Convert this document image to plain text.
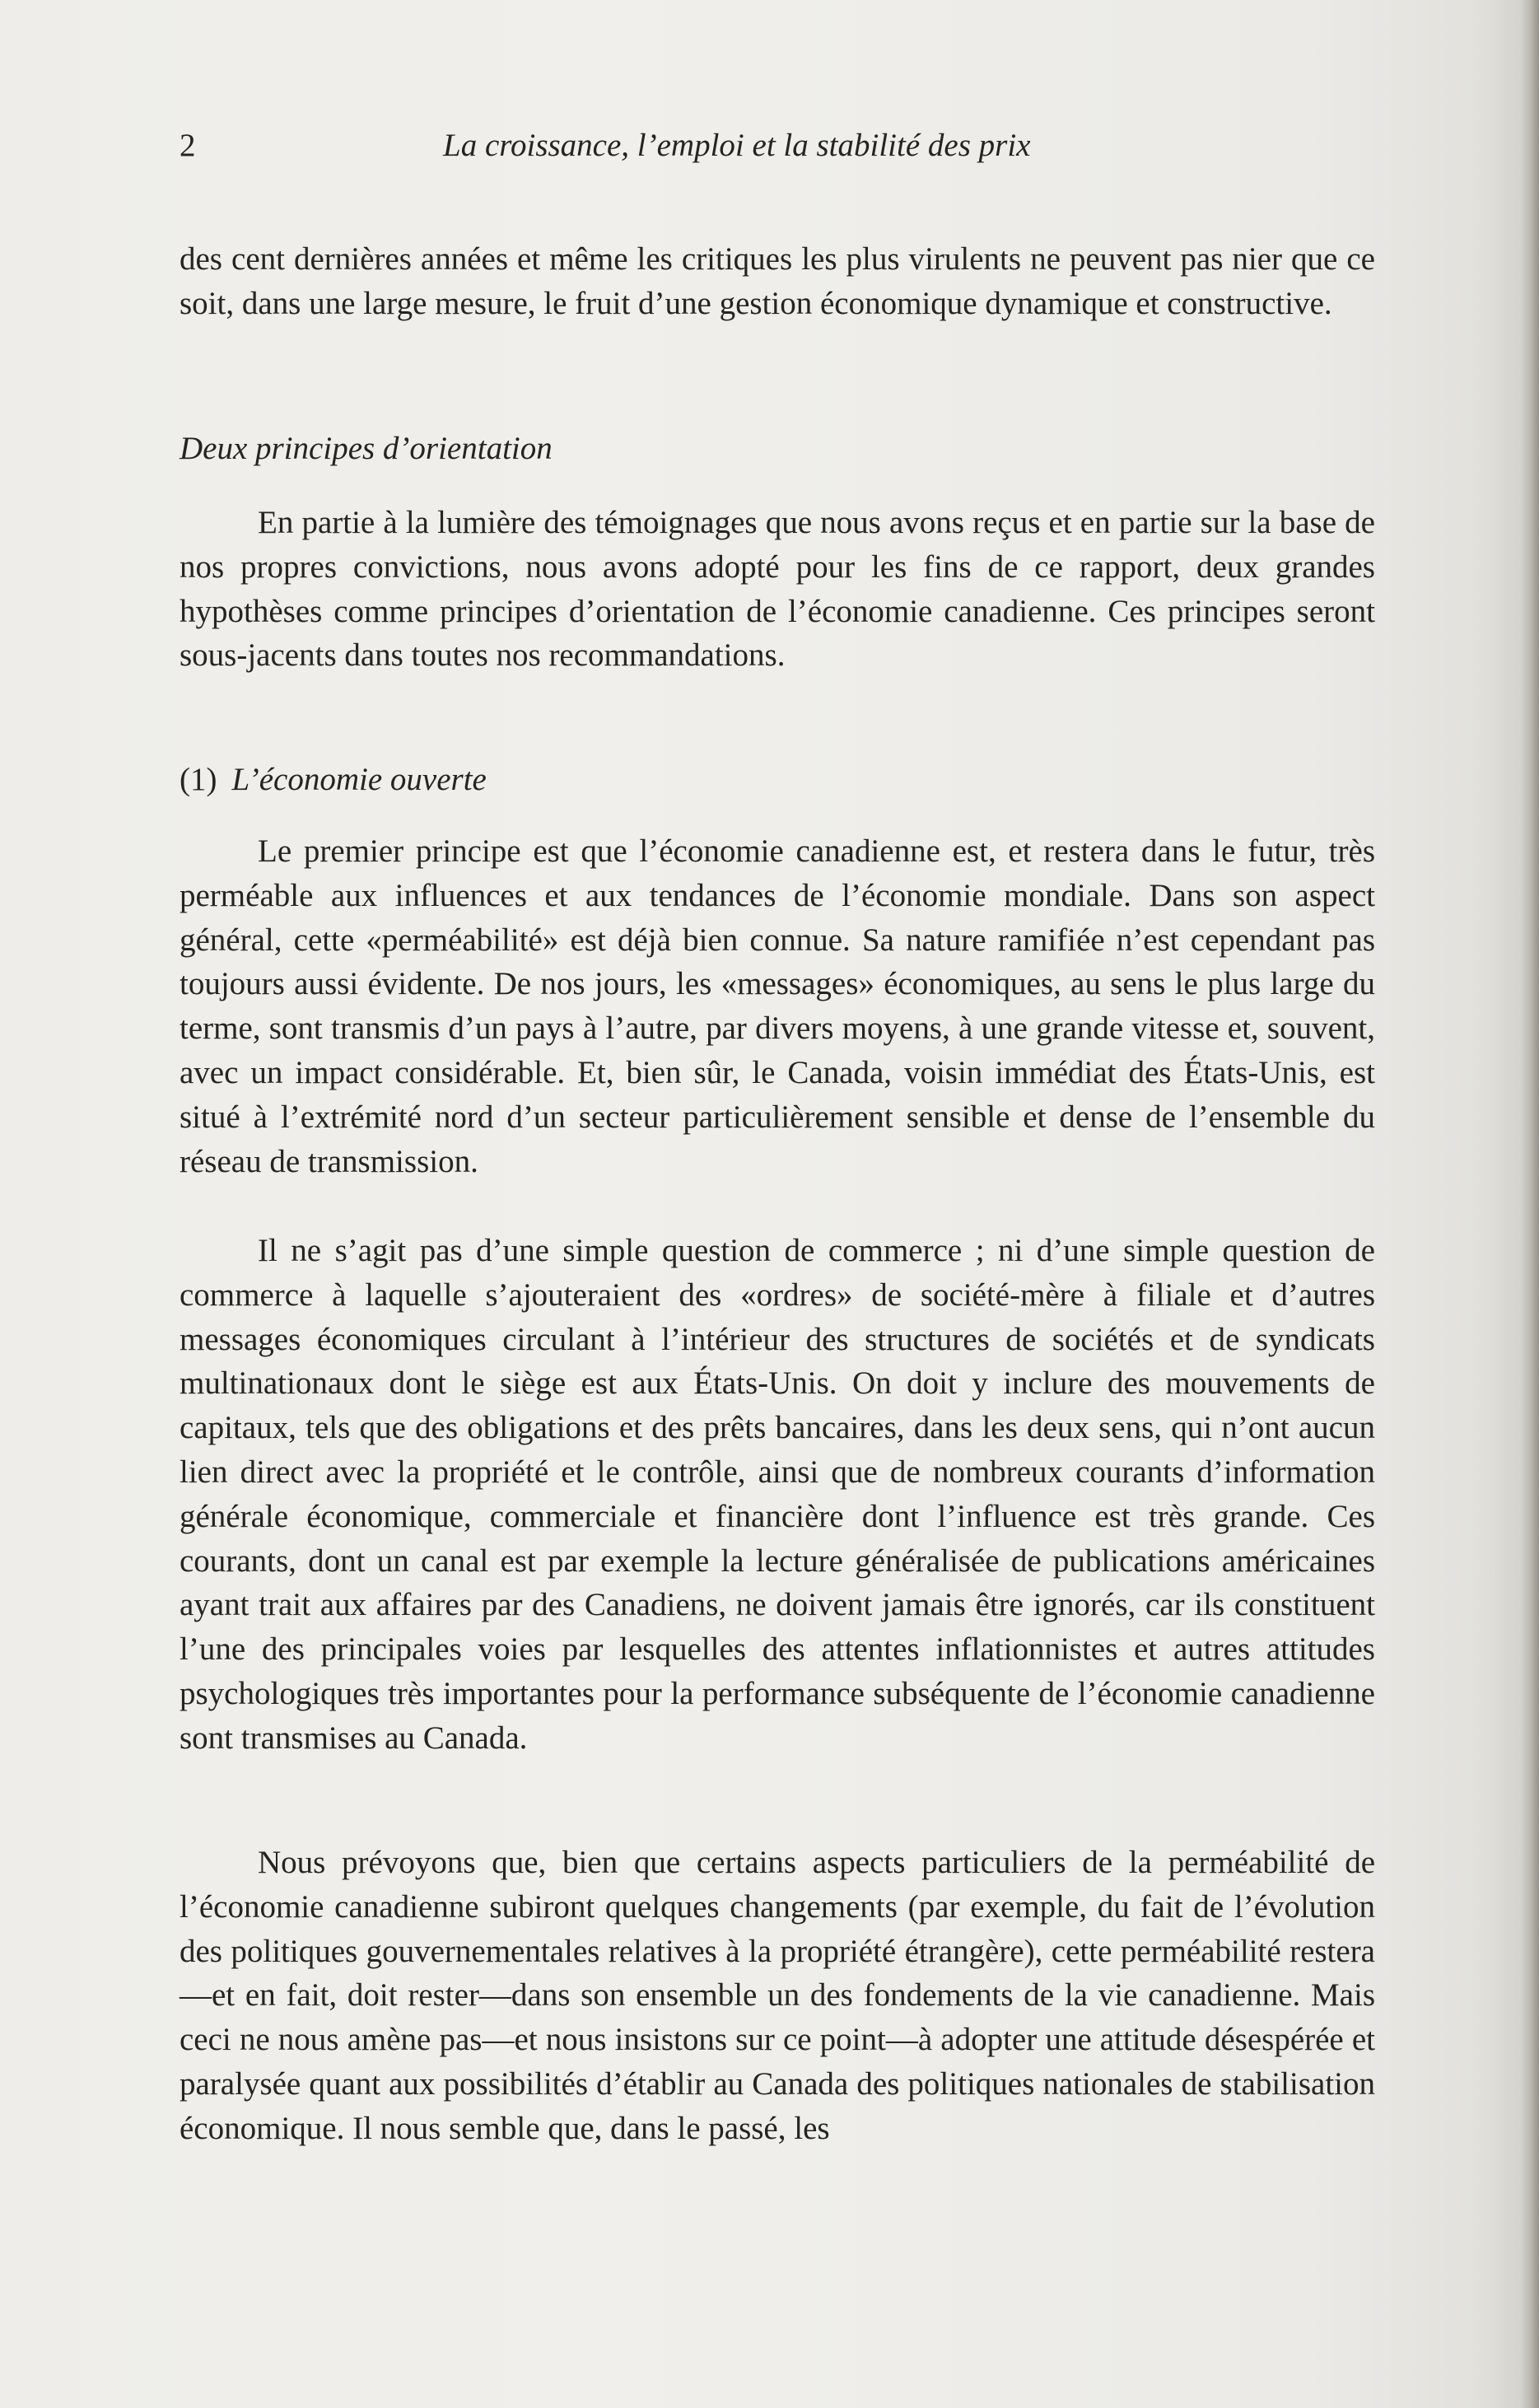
2	La croissance, l’emploi et la stabilité des prix

des cent dernières années et même les critiques les plus virulents ne peuvent pas nier que ce soit, dans une large mesure, le fruit d’une gestion économique dynamique et constructive.

Deux principes d’orientation

En partie à la lumière des témoignages que nous avons reçus et en partie sur la base de nos propres convictions, nous avons adopté pour les fins de ce rapport, deux grandes hypothèses comme principes d’orientation de l’économie canadienne. Ces principes seront sous-jacents dans toutes nos recommandations.

(1) L’économie ouverte

Le premier principe est que l’économie canadienne est, et restera dans le futur, très perméable aux influences et aux tendances de l’économie mondiale. Dans son aspect général, cette «perméabilité» est déjà bien connue. Sa nature ramifiée n’est cependant pas toujours aussi évidente. De nos jours, les «messages» économiques, au sens le plus large du terme, sont transmis d’un pays à l’autre, par divers moyens, à une grande vitesse et, souvent, avec un impact considérable. Et, bien sûr, le Canada, voisin immédiat des États-Unis, est situé à l’extrémité nord d’un secteur particulièrement sensible et dense de l’ensemble du réseau de transmission.

Il ne s’agit pas d’une simple question de commerce ; ni d’une simple question de commerce à laquelle s’ajouteraient des «ordres» de société-mère à filiale et d’autres messages économiques circulant à l’intérieur des structures de sociétés et de syndicats multinationaux dont le siège est aux États-Unis. On doit y inclure des mouvements de capitaux, tels que des obligations et des prêts bancaires, dans les deux sens, qui n’ont aucun lien direct avec la propriété et le contrôle, ainsi que de nombreux courants d’information générale économique, commerciale et financière dont l’influence est très grande. Ces courants, dont un canal est par exemple la lecture généralisée de publications américaines ayant trait aux affaires par des Canadiens, ne doivent jamais être ignorés, car ils constituent l’une des principales voies par lesquelles des attentes inflationnistes et autres attitudes psychologiques très importantes pour la performance subséquente de l’économie canadienne sont transmises au Canada.

Nous prévoyons que, bien que certains aspects particuliers de la perméabilité de l’économie canadienne subiront quelques changements (par exemple, du fait de l’évolution des politiques gouvernementales relatives à la propriété étrangère), cette perméabilité restera—et en fait, doit rester—dans son ensemble un des fondements de la vie canadienne. Mais ceci ne nous amène pas—et nous insistons sur ce point—à adopter une attitude désespérée et paralysée quant aux possibilités d’établir au Canada des politiques nationales de stabilisation économique. Il nous semble que, dans le passé, les
